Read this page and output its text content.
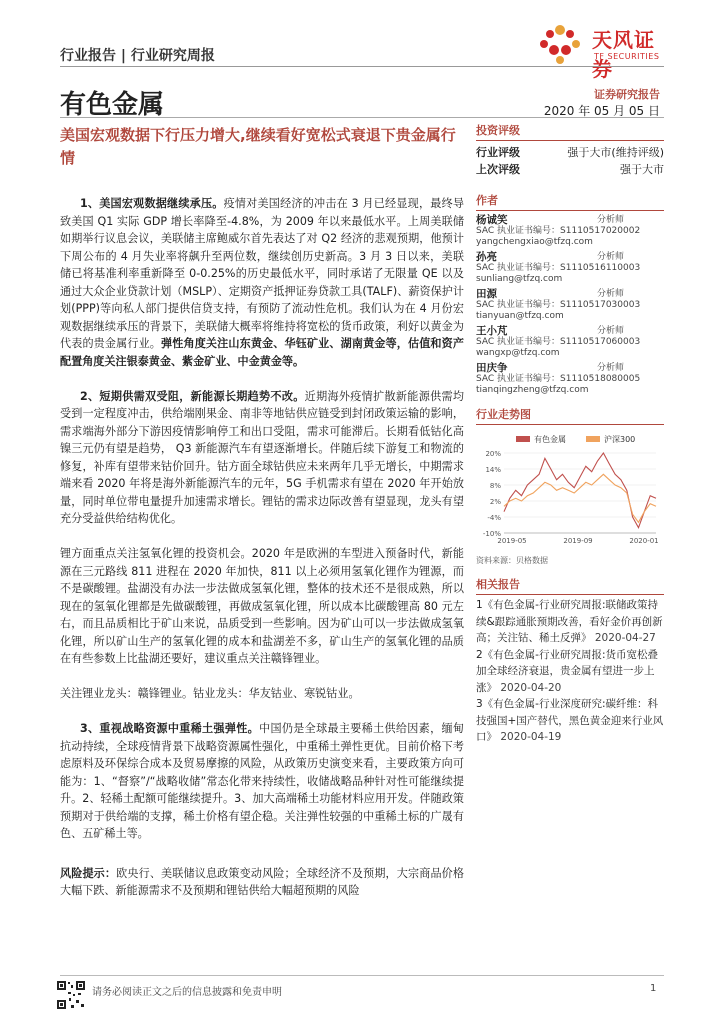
行业报告 | 行业研究周报
天风证券
TF SECURITIES
有色金属	证券研究报告
2020 年 05 月 05 日
美国宏观数据下行压力增大,继续看好宽松式衰退下贵金属行情

1、美国宏观数据继续承压。疫情对美国经济的冲击在 3 月已经显现，最终导致美国 Q1 实际 GDP 增长率降至-4.8%，为 2009 年以来最低水平。上周美联储如期举行议息会议，美联储主席鲍威尔首先表达了对 Q2 经济的悲观预期，他预计下周公布的 4 月失业率将飙升至两位数，继续创历史新高。3 月 3 日以来，美联储已将基准利率重新降至 0-0.25%的历史最低水平，同时承诺了无限量 QE 以及通过大众企业贷款计划（MSLP）、定期资产抵押证券贷款工具(TALF)、薪资保护计划(PPP)等向私人部门提供信贷支持，有预防了流动性危机。我们认为在 4 月份宏观数据继续承压的背景下，美联储大概率将维持将宽松的货币政策，利好以黄金为代表的贵金属行业。弹性角度关注山东黄金、华钰矿业、湖南黄金等，估值和资产配置角度关注银泰黄金、紫金矿业、中金黄金等。

2、短期供需双受阻，新能源长期趋势不改。近期海外疫情扩散新能源供需均受到一定程度冲击，供给端刚果金、南非等地钴供应链受到封闭政策运输的影响，需求端海外部分下游因疫情影响停工和出口受阻，需求可能滞后。长期看低钴化高镍三元仍有望是趋势， Q3 新能源汽车有望逐渐增长。伴随后续下游复工和物流的修复，补库有望带来钴价回升。钴方面全球钴供应未来两年几乎无增长，中期需求端来看 2020 年将是海外新能源汽车的元年，5G 手机需求有望在 2020 年开始放量，同时单位带电量提升加速需求增长。锂钴的需求边际改善有望显现，龙头有望充分受益供给结构优化。

锂方面重点关注氢氧化锂的投资机会。2020 年是欧洲的车型进入预备时代，新能源在三元路线 811 进程在 2020 年加快，811 以上必须用氢氧化锂作为锂源，而不是碳酸锂。盐湖没有办法一步法做成氢氧化锂，整体的技术还不是很成熟，所以现在的氢氧化锂都是先做碳酸锂，再做成氢氧化锂，所以成本比碳酸锂高 80 元左右，而且品质相比于矿山来说，品质受到一些影响。因为矿山可以一步法做成氢氧化锂，所以矿山生产的氢氧化锂的成本和盐湖差不多，矿山生产的氢氧化锂的品质在有些参数上比盐湖还要好，建议重点关注赣锋锂业。

关注锂业龙头：赣锋锂业。钴业龙头：华友钴业、寒锐钴业。

3、重视战略资源中重稀土强弹性。中国仍是全球最主要稀土供给因素，缅甸抗动持续，全球疫情背景下战略资源属性强化，中重稀土弹性更优。目前价格下考虑原料及环保综合成本及贸易摩擦的风险，从政策历史演变来看，主要政策方向可能为：1、“督察”/“战略收储”常态化带来持续性，收储战略品种针对性可能继续提升。2、轻稀土配额可能继续提升。3、加大高端稀土功能材料应用开发。伴随政策预期对于供给端的支撑，稀土价格有望企稳。关注弹性较强的中重稀土标的广晟有色、五矿稀土等。

风险提示：欧央行、美联储议息政策变动风险；全球经济不及预期，大宗商品价格大幅下跌、新能源需求不及预期和锂钴供给大幅超预期的风险

投资评级
行业评级	强于大市(维持评级)
上次评级	强于大市
作者
杨诚笑	分析师
SAC 执业证书编号：S1110517020002
yangchengxiao@tfzq.com
孙亮	分析师
SAC 执业证书编号：S1110516110003
sunliang@tfzq.com
田源	分析师
SAC 执业证书编号：S1110517030003
tianyuan@tfzq.com
王小芃	分析师
SAC 执业证书编号：S1110517060003
wangxp@tfzq.com
田庆争	分析师
SAC 执业证书编号：S1110518080005
tianqingzheng@tfzq.com
行业走势图
有色金属	沪深300
20%
14%
8%
2%
-4%
-10%
2019-05	2019-09	2020-01
资料来源：贝格数据
相关报告
1《有色金属-行业研究周报:联储政策持续&跟踪通胀预期改善，看好金价再创新高；关注钴、稀土反弹》 2020-04-27
2《有色金属-行业研究周报:货币宽松叠加全球经济衰退，贵金属有望进一步上涨》 2020-04-20
3《有色金属-行业深度研究:碳纤维：科技强国+国产替代，黑色黄金迎来行业风口》 2020-04-19
请务必阅读正文之后的信息披露和免责申明	1
